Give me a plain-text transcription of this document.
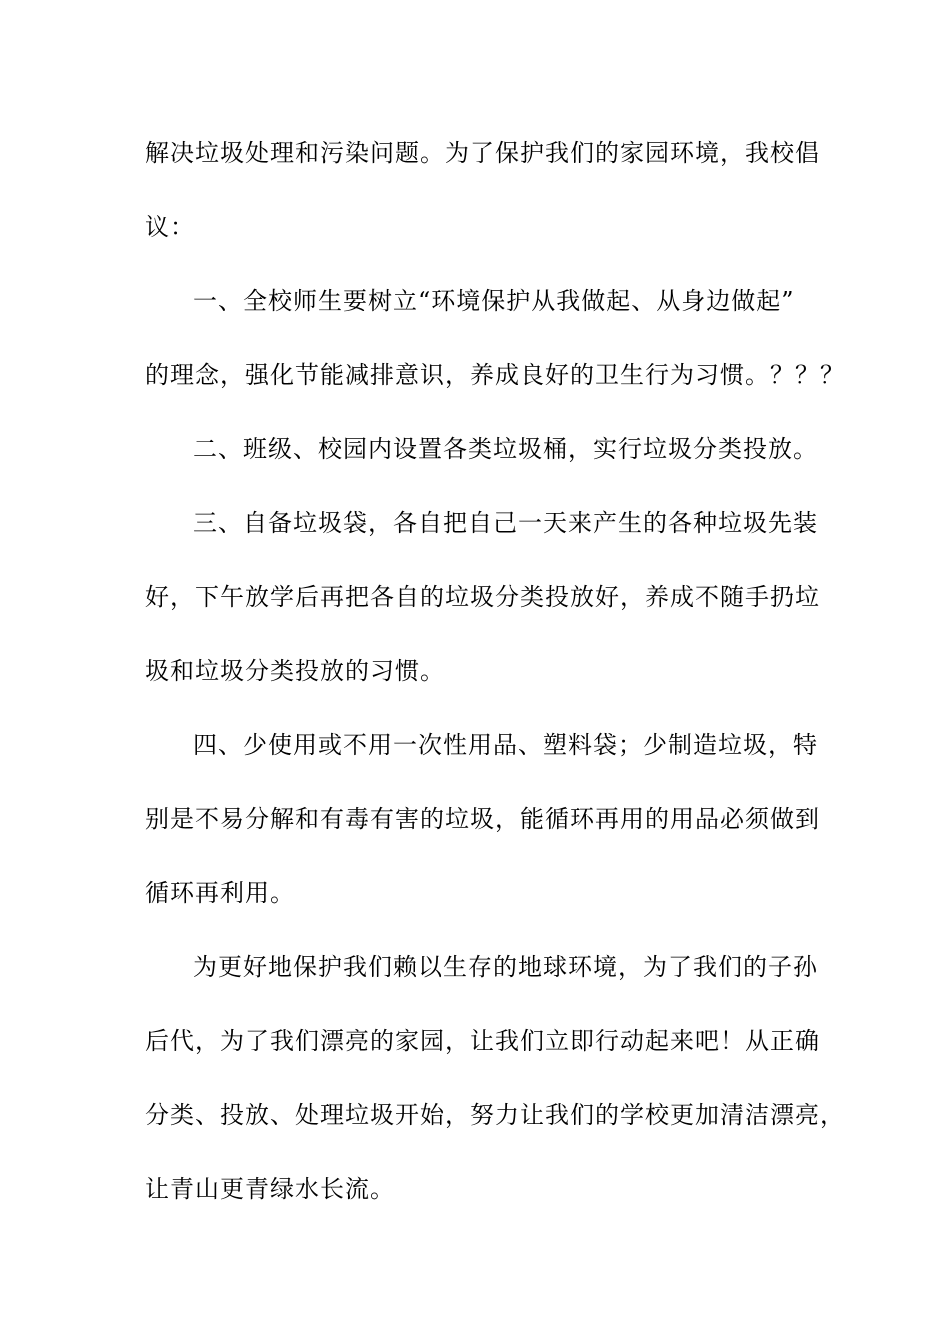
解决垃圾处理和污染问题。为了保护我们的家园环境，我校倡
议：
一、全校师生要树立“环境保护从我做起、从身边做起”
的理念，强化节能减排意识，养成良好的卫生行为习惯。？？？
二、班级、校园内设置各类垃圾桶，实行垃圾分类投放。
三、自备垃圾袋，各自把自己一天来产生的各种垃圾先装
好，下午放学后再把各自的垃圾分类投放好，养成不随手扔垃
圾和垃圾分类投放的习惯。
四、少使用或不用一次性用品、塑料袋；少制造垃圾，特
别是不易分解和有毒有害的垃圾，能循环再用的用品必须做到
循环再利用。
为更好地保护我们赖以生存的地球环境，为了我们的子孙
后代，为了我们漂亮的家园，让我们立即行动起来吧！从正确
分类、投放、处理垃圾开始，努力让我们的学校更加清洁漂亮，
让青山更青绿水长流。
